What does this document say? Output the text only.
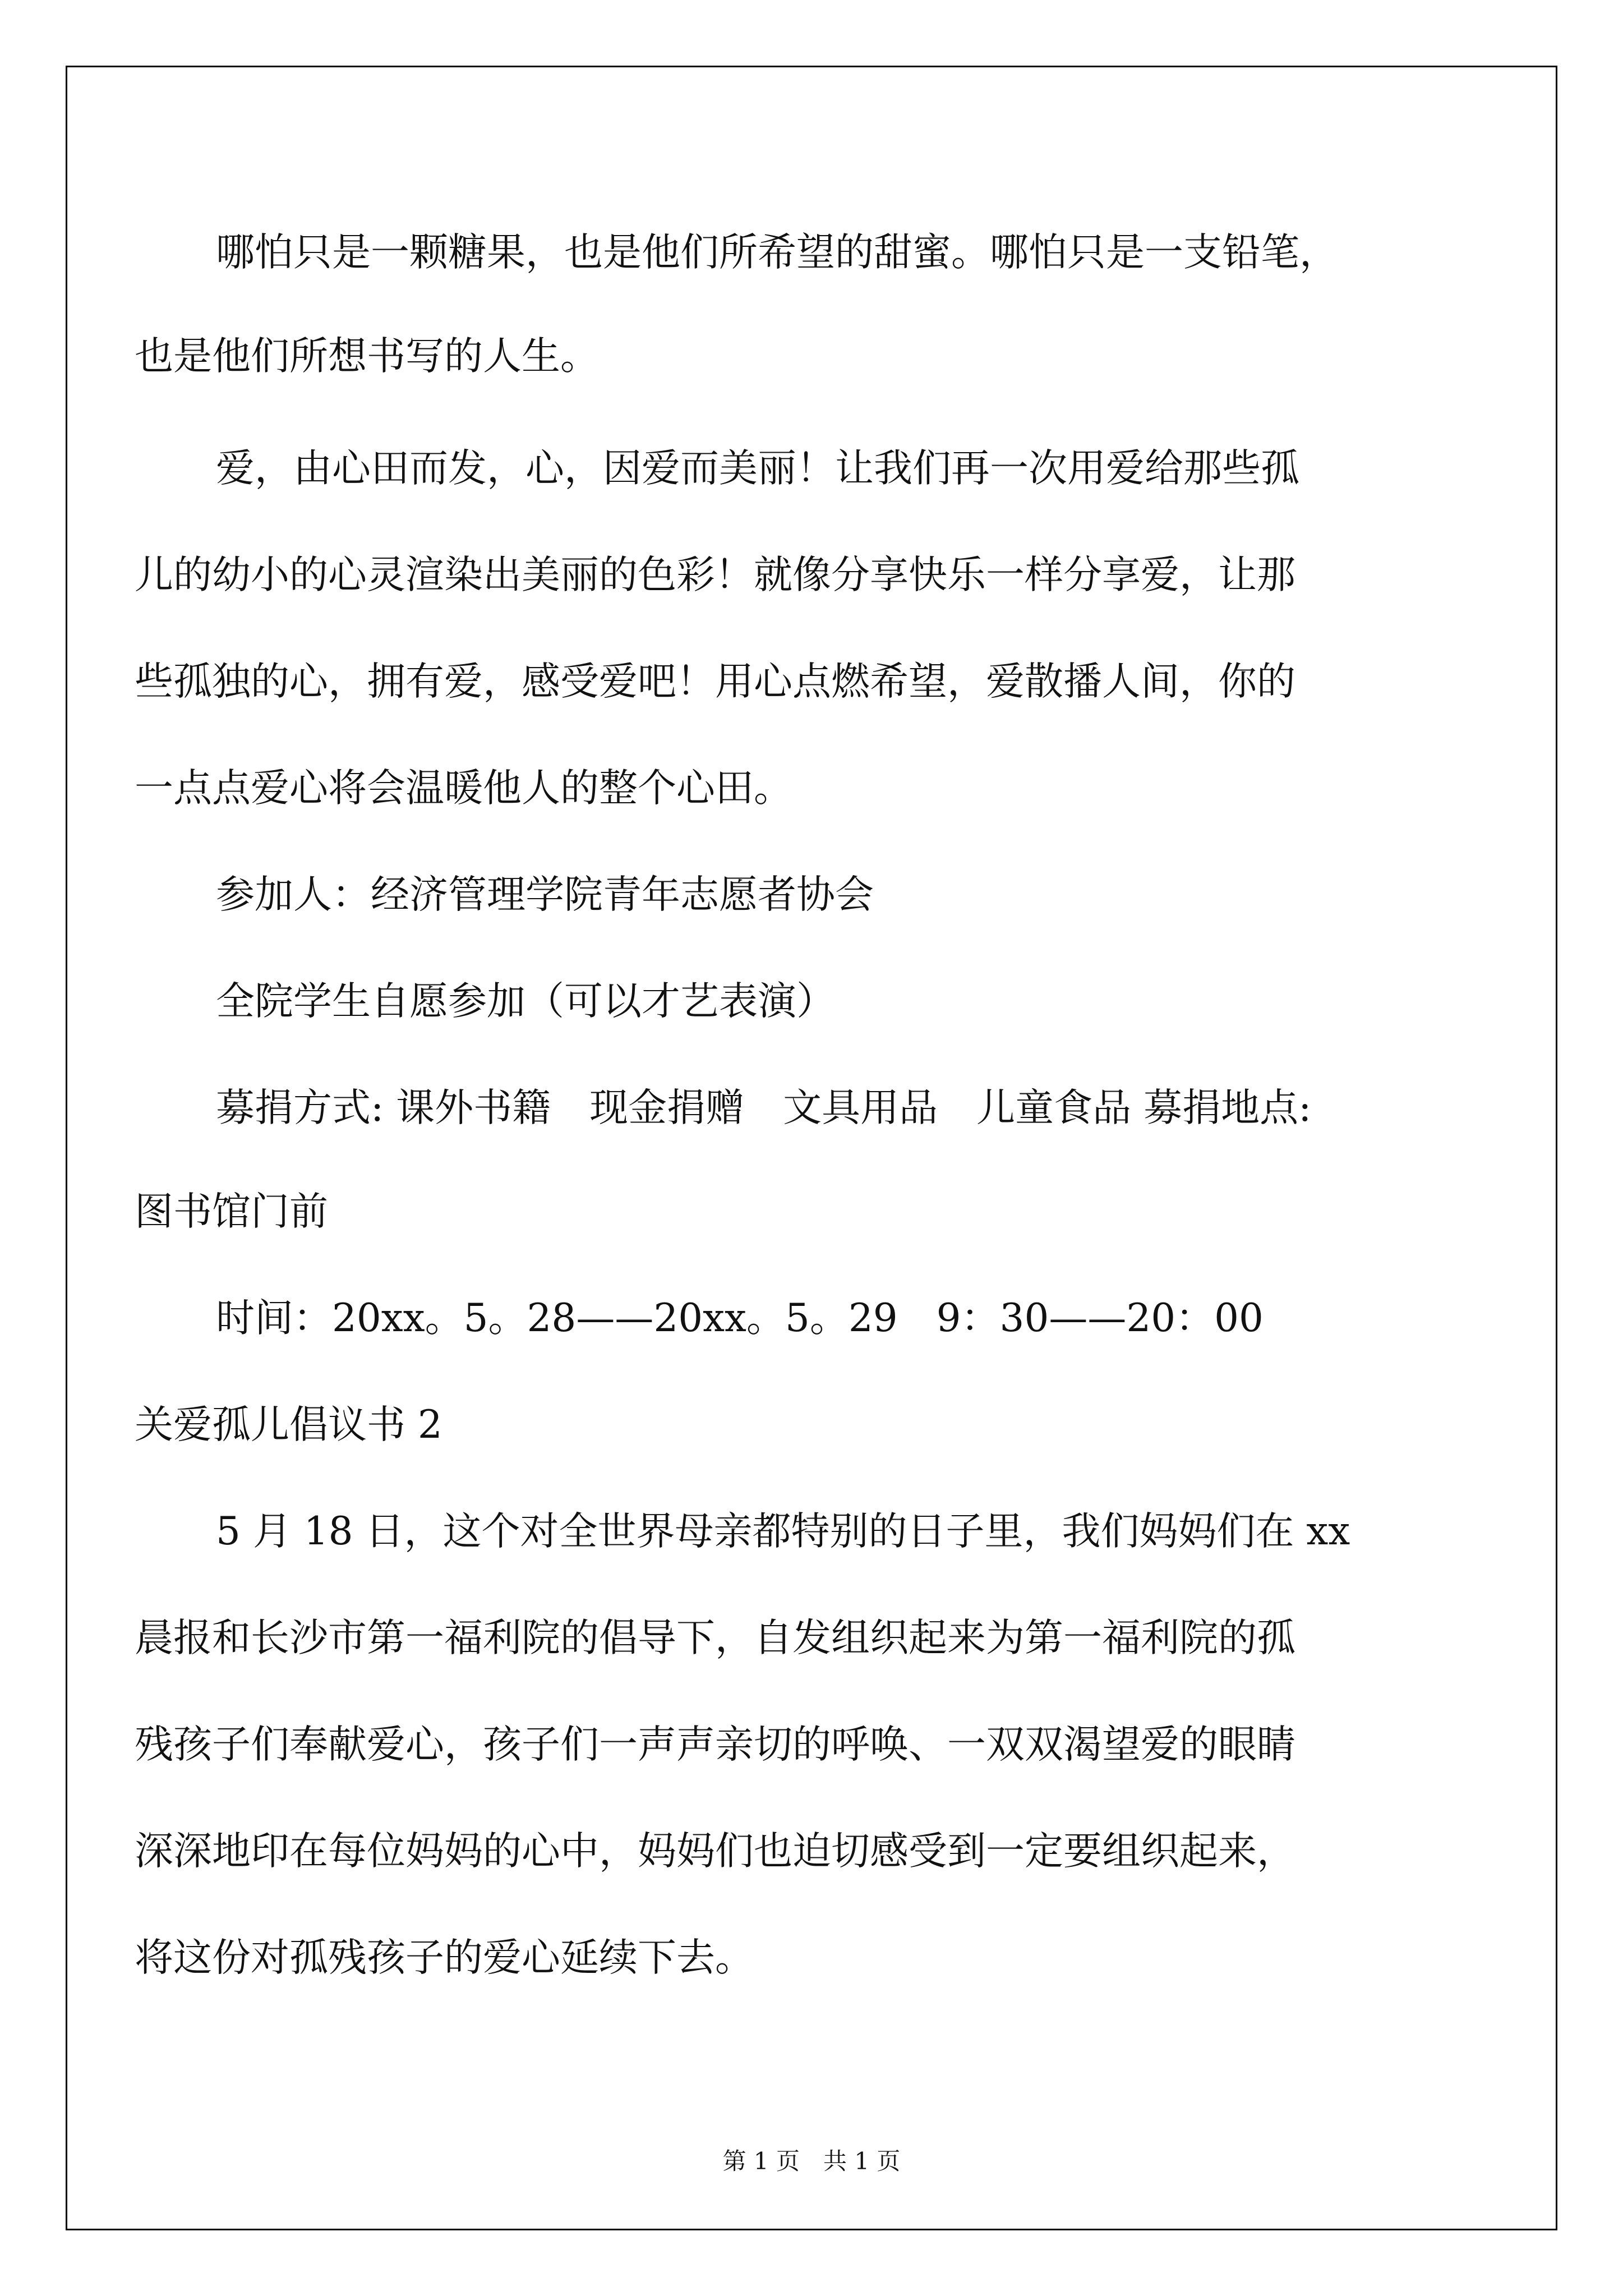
哪怕只是一颗糖果，也是他们所希望的甜蜜。哪怕只是一支铅笔，
也是他们所想书写的人生。
爱，由心田而发，心，因爱而美丽！让我们再一次用爱给那些孤
儿的幼小的心灵渲染出美丽的色彩！就像分享快乐一样分享爱，让那
些孤独的心，拥有爱，感受爱吧！用心点燃希望，爱散播人间，你的
一点点爱心将会温暖他人的整个心田。
参加人：经济管理学院青年志愿者协会
全院学生自愿参加（可以才艺表演）
募捐方式: 课外书籍　现金捐赠　文具用品　儿童食品 募捐地点:
图书馆门前
时间：20xx。5。28——20xx。5。29　9：30——20：00
关爱孤儿倡议书 2
5 月 18 日，这个对全世界母亲都特别的日子里，我们妈妈们在 xx
晨报和长沙市第一福利院的倡导下，自发组织起来为第一福利院的孤
残孩子们奉献爱心，孩子们一声声亲切的呼唤、一双双渴望爱的眼睛
深深地印在每位妈妈的心中，妈妈们也迫切感受到一定要组织起来，
将这份对孤残孩子的爱心延续下去。
第 1 页　共 1 页
